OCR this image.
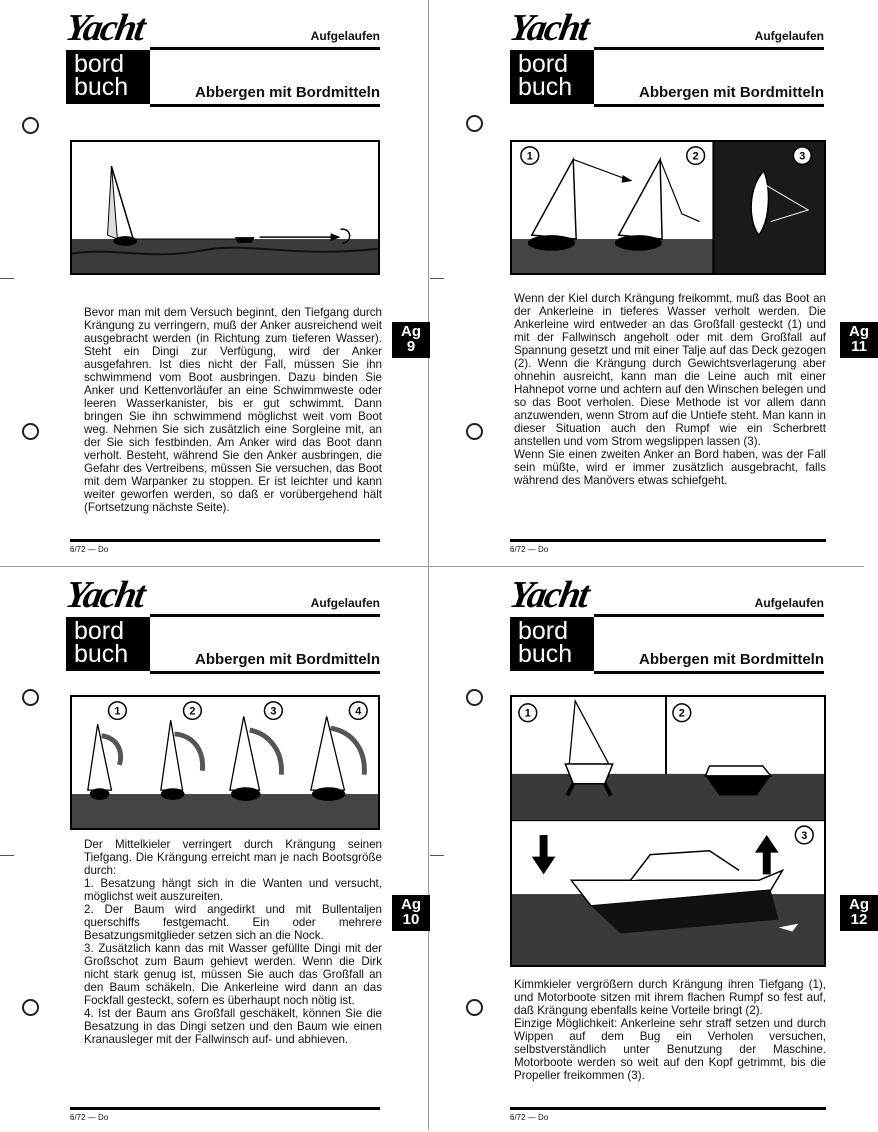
Yacht
bord
buch
Aufgelaufen
Abbergen mit Bordmitteln

Bevor man mit dem Versuch beginnt, den Tiefgang durch Krängung zu verringern, muß der Anker ausreichend weit ausgebracht werden (in Richtung zum tieferen Wasser). Steht ein Dingi zur Verfügung, wird der Anker ausgefahren. Ist dies nicht der Fall, müssen Sie ihn schwimmend vom Boot ausbringen. Dazu binden Sie Anker und Kettenvorläufer an eine Schwimmweste oder leeren Wasserkanister, bis er gut schwimmt. Dann bringen Sie ihn schwimmend möglichst weit vom Boot weg. Nehmen Sie sich zusätzlich eine Sorgleine mit, an der Sie sich festbinden. Am Anker wird das Boot dann verholt. Besteht, während Sie den Anker ausbringen, die Gefahr des Vertreibens, müssen Sie versuchen, das Boot mit dem Warpanker zu stoppen. Er ist leichter und kann weiter geworfen werden, so daß er vorübergehend hält (Fortsetzung nächste Seite).

Ag
9
6/72 — Do
Yacht
bord
buch
Aufgelaufen
Abbergen mit Bordmitteln
1	2	3

Wenn der Kiel durch Krängung freikommt, muß das Boot an der Ankerleine in tieferes Wasser verholt werden. Die Ankerleine wird entweder an das Großfall gesteckt (1) und mit der Fallwinsch angeholt oder mit dem Großfall auf Spannung gesetzt und mit einer Talje auf das Deck gezogen (2). Wenn die Krängung durch Gewichtsverlagerung aber ohnehin ausreicht, kann man die Leine auch mit einer Hahnepot vorne und achtern auf den Winschen belegen und so das Boot verholen. Diese Methode ist vor allem dann anzuwenden, wenn Strom auf die Untiefe steht. Man kann in dieser Situation auch den Rumpf wie ein Scherbrett anstellen und vom Strom wegslippen lassen (3).

Wenn Sie einen zweiten Anker an Bord haben, was der Fall sein müßte, wird er immer zusätzlich ausgebracht, falls während des Manövers etwas schiefgeht.

Ag
11
6/72 — Do
Yacht
bord
buch
Aufgelaufen
Abbergen mit Bordmitteln
1	2	3	4

Der Mittelkieler verringert durch Krängung seinen Tiefgang. Die Krängung erreicht man je nach Bootsgröße durch:

1. Besatzung hängt sich in die Wanten und versucht, möglichst weit auszureiten.

2. Der Baum wird angedirkt und mit Bullentaljen querschiffs festgemacht. Ein oder mehrere Besatzungsmitglieder setzen sich an die Nock.

3. Zusätzlich kann das mit Wasser gefüllte Dingi mit der Großschot zum Baum gehievt werden. Wenn die Dirk nicht stark genug ist, müssen Sie auch das Großfall an den Baum schäkeln. Die Ankerleine wird dann an das Fockfall gesteckt, sofern es überhaupt noch nötig ist.

4. Ist der Baum ans Großfall geschäkelt, können Sie die Besatzung in das Dingi setzen und den Baum wie einen Kranausleger mit der Fallwinsch auf- und abhieven.

Ag
10
6/72 — Do
Yacht
bord
buch
Aufgelaufen
Abbergen mit Bordmitteln
1	2
3

Kimmkieler vergrößern durch Krängung ihren Tiefgang (1), und Motorboote sitzen mit ihrem flachen Rumpf so fest auf, daß Krängung ebenfalls keine Vorteile bringt (2).

Einzige Möglichkeit: Ankerleine sehr straff setzen und durch Wippen auf dem Bug ein Verholen versuchen, selbstverständlich unter Benutzung der Maschine. Motorboote werden so weit auf den Kopf getrimmt, bis die Propeller freikommen (3).

Ag
12
6/72 — Do
